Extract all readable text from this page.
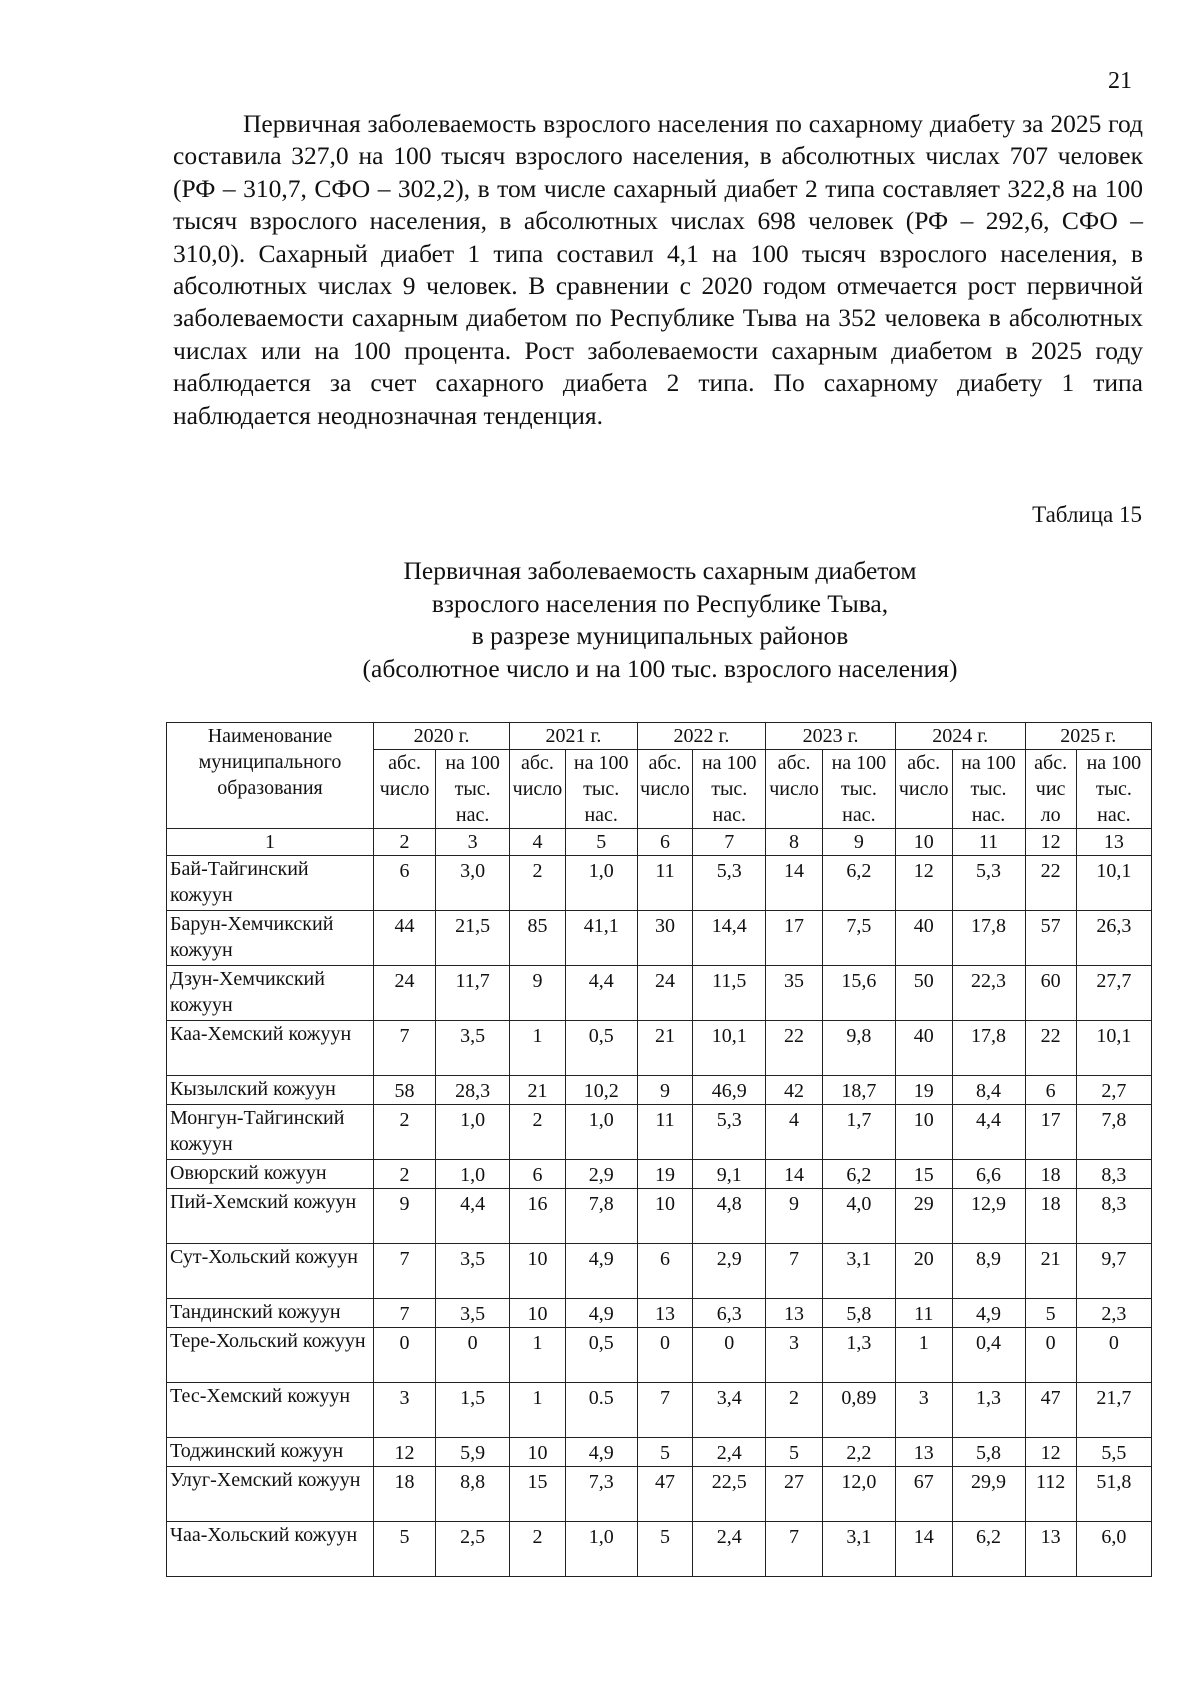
21

Первичная заболеваемость взрослого населения по сахарному диабету за 2025 год составила 327,0 на 100 тысяч взрослого населения, в абсолютных числах 707 человек (РФ – 310,7, СФО – 302,2), в том числе сахарный диабет 2 типа составляет 322,8 на 100 тысяч взрослого населения, в абсолютных числах 698 человек (РФ – 292,6, СФО – 310,0). Сахарный диабет 1 типа составил 4,1 на 100 тысяч взрослого населения, в абсолютных числах 9 человек. В сравнении с 2020 годом отмечается рост первичной заболеваемости сахарным диабетом по Республике Тыва на 352 человека в абсолютных числах или на 100 процента. Рост заболеваемости сахарным диабетом в 2025 году наблюдается за счет сахарного диабета 2 типа. По сахарному диабету 1 типа наблюдается неоднозначная тенденция.

Таблица 15
Первичная заболеваемость сахарным диабетом
взрослого населения по Республике Тыва,
в разрезе муниципальных районов
(абсолютное число и на 100 тыс. взрослого населения)
Наименование муниципального образования	2020 г.		2021 г.		2022 г.		2023 г.		2024 г.		2025 г.	
	абс. число	на 100 тыс. нас.	абс. число	на 100 тыс. нас.	абс. число	на 100 тыс. нас.	абс. число	на 100 тыс. нас.	абс. число	на 100 тыс. нас.	абс. чис ло	на 100 тыс. нас.
1	2	3	4	5	6	7	8	9	10	11	12	13
Бай-Тайгинский кожуун	6	3,0	2	1,0	11	5,3	14	6,2	12	5,3	22	10,1
Барун-Хемчикский кожуун	44	21,5	85	41,1	30	14,4	17	7,5	40	17,8	57	26,3
Дзун-Хемчикский кожуун	24	11,7	9	4,4	24	11,5	35	15,6	50	22,3	60	27,7
Каа-Хемский кожуун	7	3,5	1	0,5	21	10,1	22	9,8	40	17,8	22	10,1
Кызылский кожуун	58	28,3	21	10,2	9	46,9	42	18,7	19	8,4	6	2,7
Монгун-Тайгинский кожуун	2	1,0	2	1,0	11	5,3	4	1,7	10	4,4	17	7,8
Овюрский кожуун	2	1,0	6	2,9	19	9,1	14	6,2	15	6,6	18	8,3
Пий-Хемский кожуун	9	4,4	16	7,8	10	4,8	9	4,0	29	12,9	18	8,3
Сут-Хольский кожуун	7	3,5	10	4,9	6	2,9	7	3,1	20	8,9	21	9,7
Тандинский кожуун	7	3,5	10	4,9	13	6,3	13	5,8	11	4,9	5	2,3
Тере-Хольский кожуун	0	0	1	0,5	0	0	3	1,3	1	0,4	0	0
Тес-Хемский кожуун	3	1,5	1	0.5	7	3,4	2	0,89	3	1,3	47	21,7
Тоджинский кожуун	12	5,9	10	4,9	5	2,4	5	2,2	13	5,8	12	5,5
Улуг-Хемский кожуун	18	8,8	15	7,3	47	22,5	27	12,0	67	29,9	112	51,8
Чаа-Хольский кожуун	5	2,5	2	1,0	5	2,4	7	3,1	14	6,2	13	6,0
